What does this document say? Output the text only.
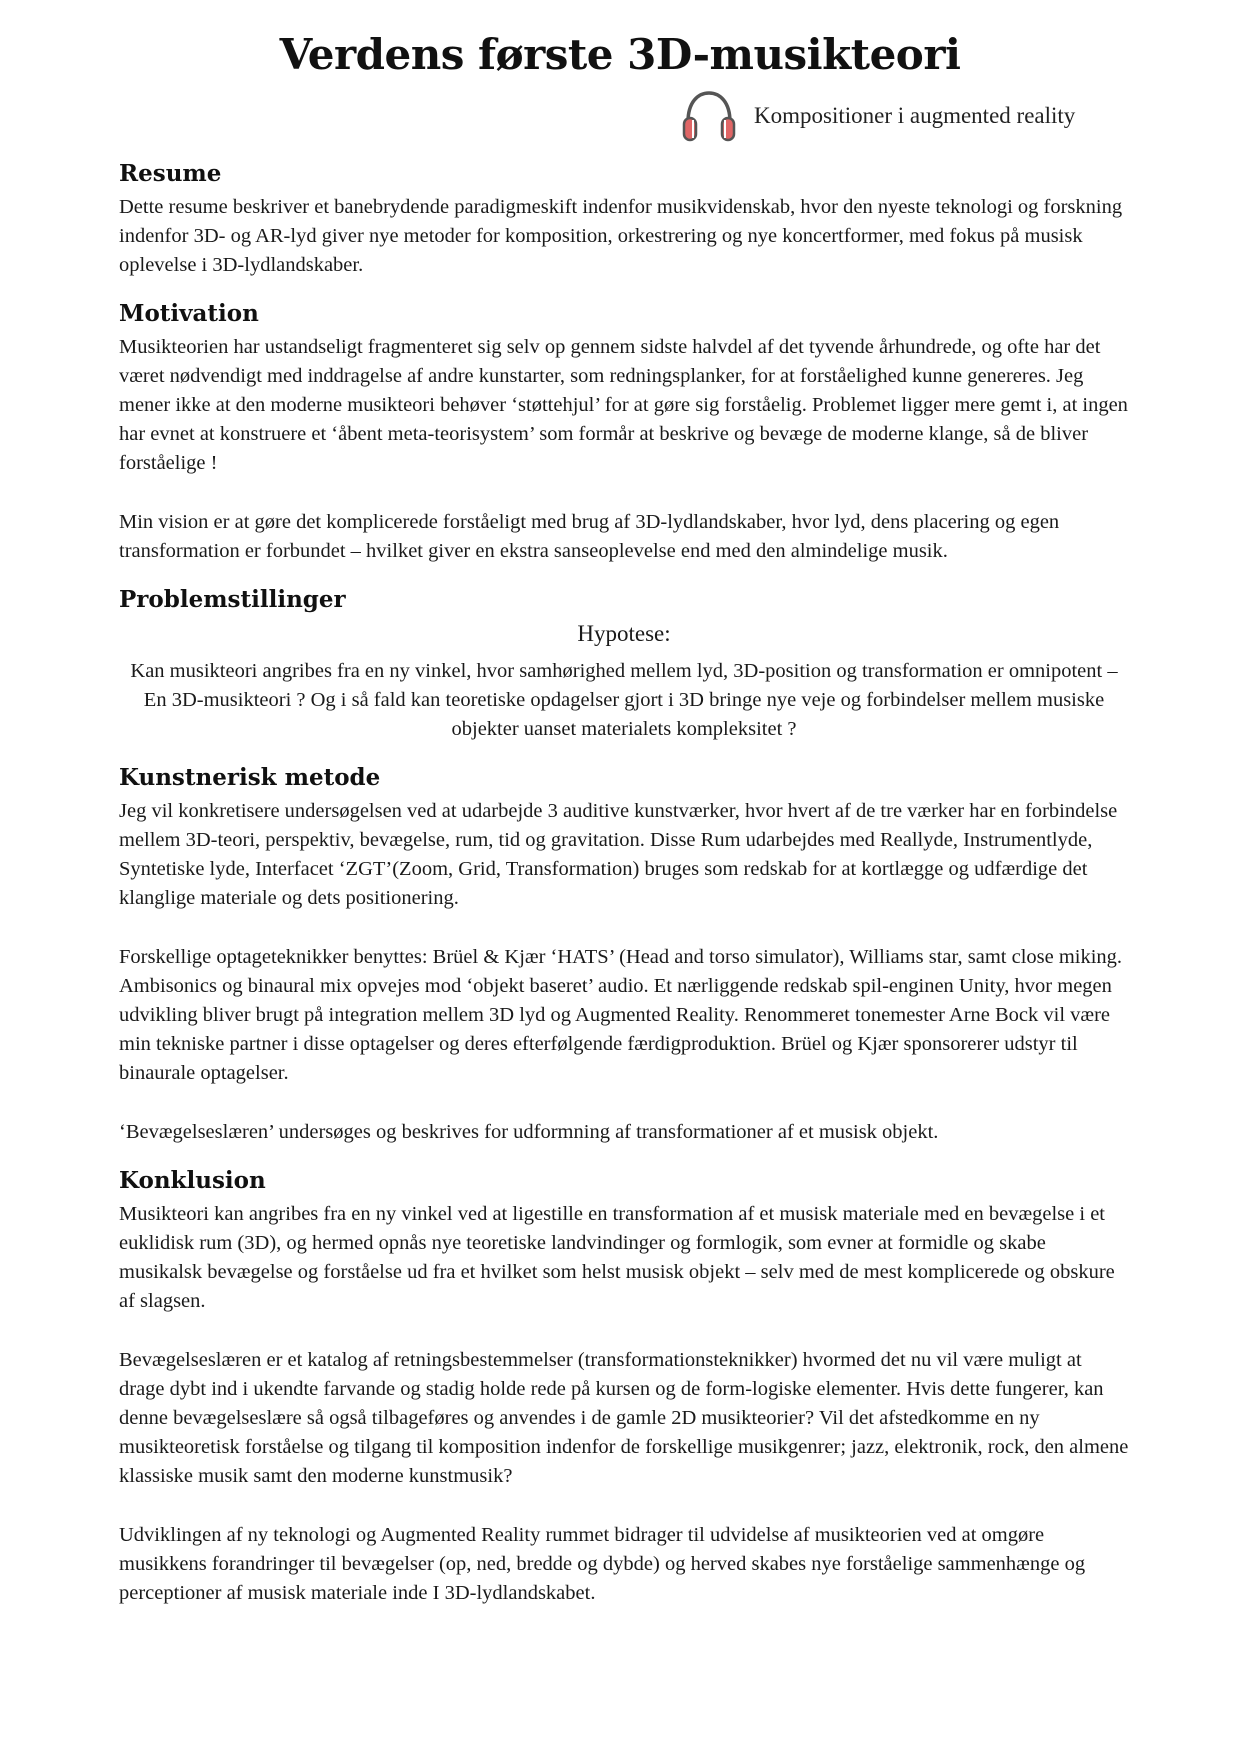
Verdens første 3D-musikteori
Kompositioner i augmented reality
Resume

Dette resume beskriver et banebrydende paradigmeskift indenfor musikvidenskab, hvor den nyeste teknologi og forskning indenfor 3D- og AR-lyd giver nye metoder for komposition, orkestrering og nye koncertformer, med fokus på musisk oplevelse i 3D-lydlandskaber.

Motivation

Musikteorien har ustandseligt fragmenteret sig selv op gennem sidste halvdel af det tyvende århundrede, og ofte har det været nødvendigt med inddragelse af andre kunstarter, som redningsplanker, for at forståelighed kunne genereres. Jeg mener ikke at den moderne musikteori behøver ‘støttehjul’ for at gøre sig forståelig. Problemet ligger mere gemt i, at ingen har evnet at konstruere et ‘åbent meta-teorisystem’ som formår at beskrive og bevæge de moderne klange, så de bliver forståelige !

Min vision er at gøre det komplicerede forståeligt med brug af 3D-lydlandskaber, hvor lyd, dens placering og egen transformation er forbundet – hvilket giver en ekstra sanseoplevelse end med den almindelige musik.

Problemstillinger
Hypotese:

Kan musikteori angribes fra en ny vinkel, hvor samhørighed mellem lyd, 3D-position og transformation er omnipotent – En 3D-musikteori ? Og i så fald kan teoretiske opdagelser gjort i 3D bringe nye veje og forbindelser mellem musiske objekter uanset materialets kompleksitet ?

Kunstnerisk metode

Jeg vil konkretisere undersøgelsen ved at udarbejde 3 auditive kunstværker, hvor hvert af de tre værker har en forbindelse mellem 3D-teori, perspektiv, bevægelse, rum, tid og gravitation. Disse Rum udarbejdes med Reallyde, Instrumentlyde, Syntetiske lyde, Interfacet ‘ZGT’(Zoom, Grid, Transformation) bruges som redskab for at kortlægge og udfærdige det klanglige materiale og dets positionering.

Forskellige optageteknikker benyttes: Brüel & Kjær ‘HATS’ (Head and torso simulator), Williams star, samt close miking. Ambisonics og binaural mix opvejes mod ‘objekt baseret’ audio. Et nærliggende redskab spil-enginen Unity, hvor megen udvikling bliver brugt på integration mellem 3D lyd og Augmented Reality. Renommeret tonemester Arne Bock vil være min tekniske partner i disse optagelser og deres efterfølgende færdigproduktion. Brüel og Kjær sponsorerer udstyr til binaurale optagelser.

‘Bevægelseslæren’ undersøges og beskrives for udformning af transformationer af et musisk objekt.

Konklusion

Musikteori kan angribes fra en ny vinkel ved at ligestille en transformation af et musisk materiale med en bevægelse i et euklidisk rum (3D), og hermed opnås nye teoretiske landvindinger og formlogik, som evner at formidle og skabe musikalsk bevægelse og forståelse ud fra et hvilket som helst musisk objekt – selv med de mest komplicerede og obskure af slagsen.

Bevægelseslæren er et katalog af retningsbestemmelser (transformationsteknikker) hvormed det nu vil være muligt at drage dybt ind i ukendte farvande og stadig holde rede på kursen og de form-logiske elementer. Hvis dette fungerer, kan denne bevægelseslære så også tilbageføres og anvendes i de gamle 2D musikteorier? Vil det afstedkomme en ny musikteoretisk forståelse og tilgang til komposition indenfor de forskellige musikgenrer; jazz, elektronik, rock, den almene klassiske musik samt den moderne kunstmusik?

Udviklingen af ny teknologi og Augmented Reality rummet bidrager til udvidelse af musikteorien ved at omgøre musikkens forandringer til bevægelser (op, ned, bredde og dybde) og herved skabes nye forståelige sammenhænge og perceptioner af musisk materiale inde I 3D-lydlandskabet.
